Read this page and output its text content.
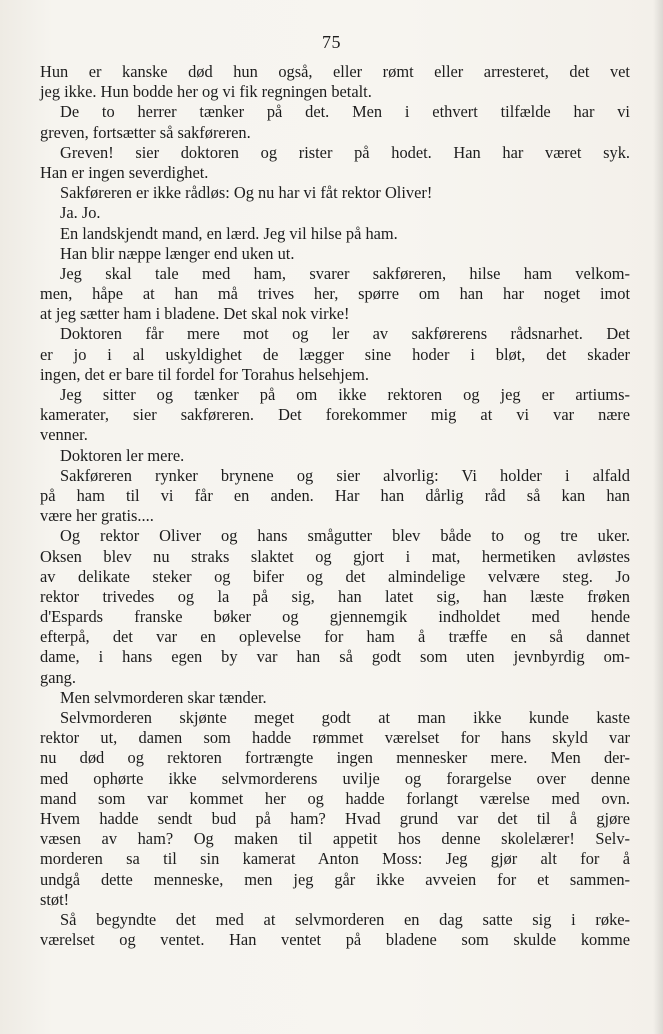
75
Hun er kanske død hun også, eller rømt eller arresteret, det vet
jeg ikke. Hun bodde her og vi fik regningen betalt.
De to herrer tænker på det. Men i ethvert tilfælde har vi
greven, fortsætter så sakføreren.
Greven! sier doktoren og rister på hodet. Han har været syk.
Han er ingen severdighet.
Sakføreren er ikke rådløs: Og nu har vi fåt rektor Oliver!
Ja. Jo.
En landskjendt mand, en lærd. Jeg vil hilse på ham.
Han blir næppe længer end uken ut.
Jeg skal tale med ham, svarer sakføreren, hilse ham velkom-
men, håpe at han må trives her, spørre om han har noget imot
at jeg sætter ham i bladene. Det skal nok virke!
Doktoren får mere mot og ler av sakførerens rådsnarhet. Det
er jo i al uskyldighet de lægger sine hoder i bløt, det skader
ingen, det er bare til fordel for Torahus helsehjem.
Jeg sitter og tænker på om ikke rektoren og jeg er artiums-
kamerater, sier sakføreren. Det forekommer mig at vi var nære
venner.
Doktoren ler mere.
Sakføreren rynker brynene og sier alvorlig: Vi holder i alfald
på ham til vi får en anden. Har han dårlig råd så kan han
være her gratis....
Og rektor Oliver og hans smågutter blev både to og tre uker.
Oksen blev nu straks slaktet og gjort i mat, hermetiken avløstes
av delikate steker og bifer og det almindelige velvære steg. Jo
rektor trivedes og la på sig, han latet sig, han læste frøken
d'Espards franske bøker og gjennemgik indholdet med hende
efterpå, det var en oplevelse for ham å træffe en så dannet
dame, i hans egen by var han så godt som uten jevnbyrdig om-
gang.
Men selvmorderen skar tænder.
Selvmorderen skjønte meget godt at man ikke kunde kaste
rektor ut, damen som hadde rømmet værelset for hans skyld var
nu død og rektoren fortrængte ingen mennesker mere. Men der-
med ophørte ikke selvmorderens uvilje og forargelse over denne
mand som var kommet her og hadde forlangt værelse med ovn.
Hvem hadde sendt bud på ham? Hvad grund var det til å gjøre
væsen av ham? Og maken til appetit hos denne skolelærer! Selv-
morderen sa til sin kamerat Anton Moss: Jeg gjør alt for å
undgå dette menneske, men jeg går ikke avveien for et sammen-
støt!
Så begyndte det med at selvmorderen en dag satte sig i røke-
værelset og ventet. Han ventet på bladene som skulde komme
